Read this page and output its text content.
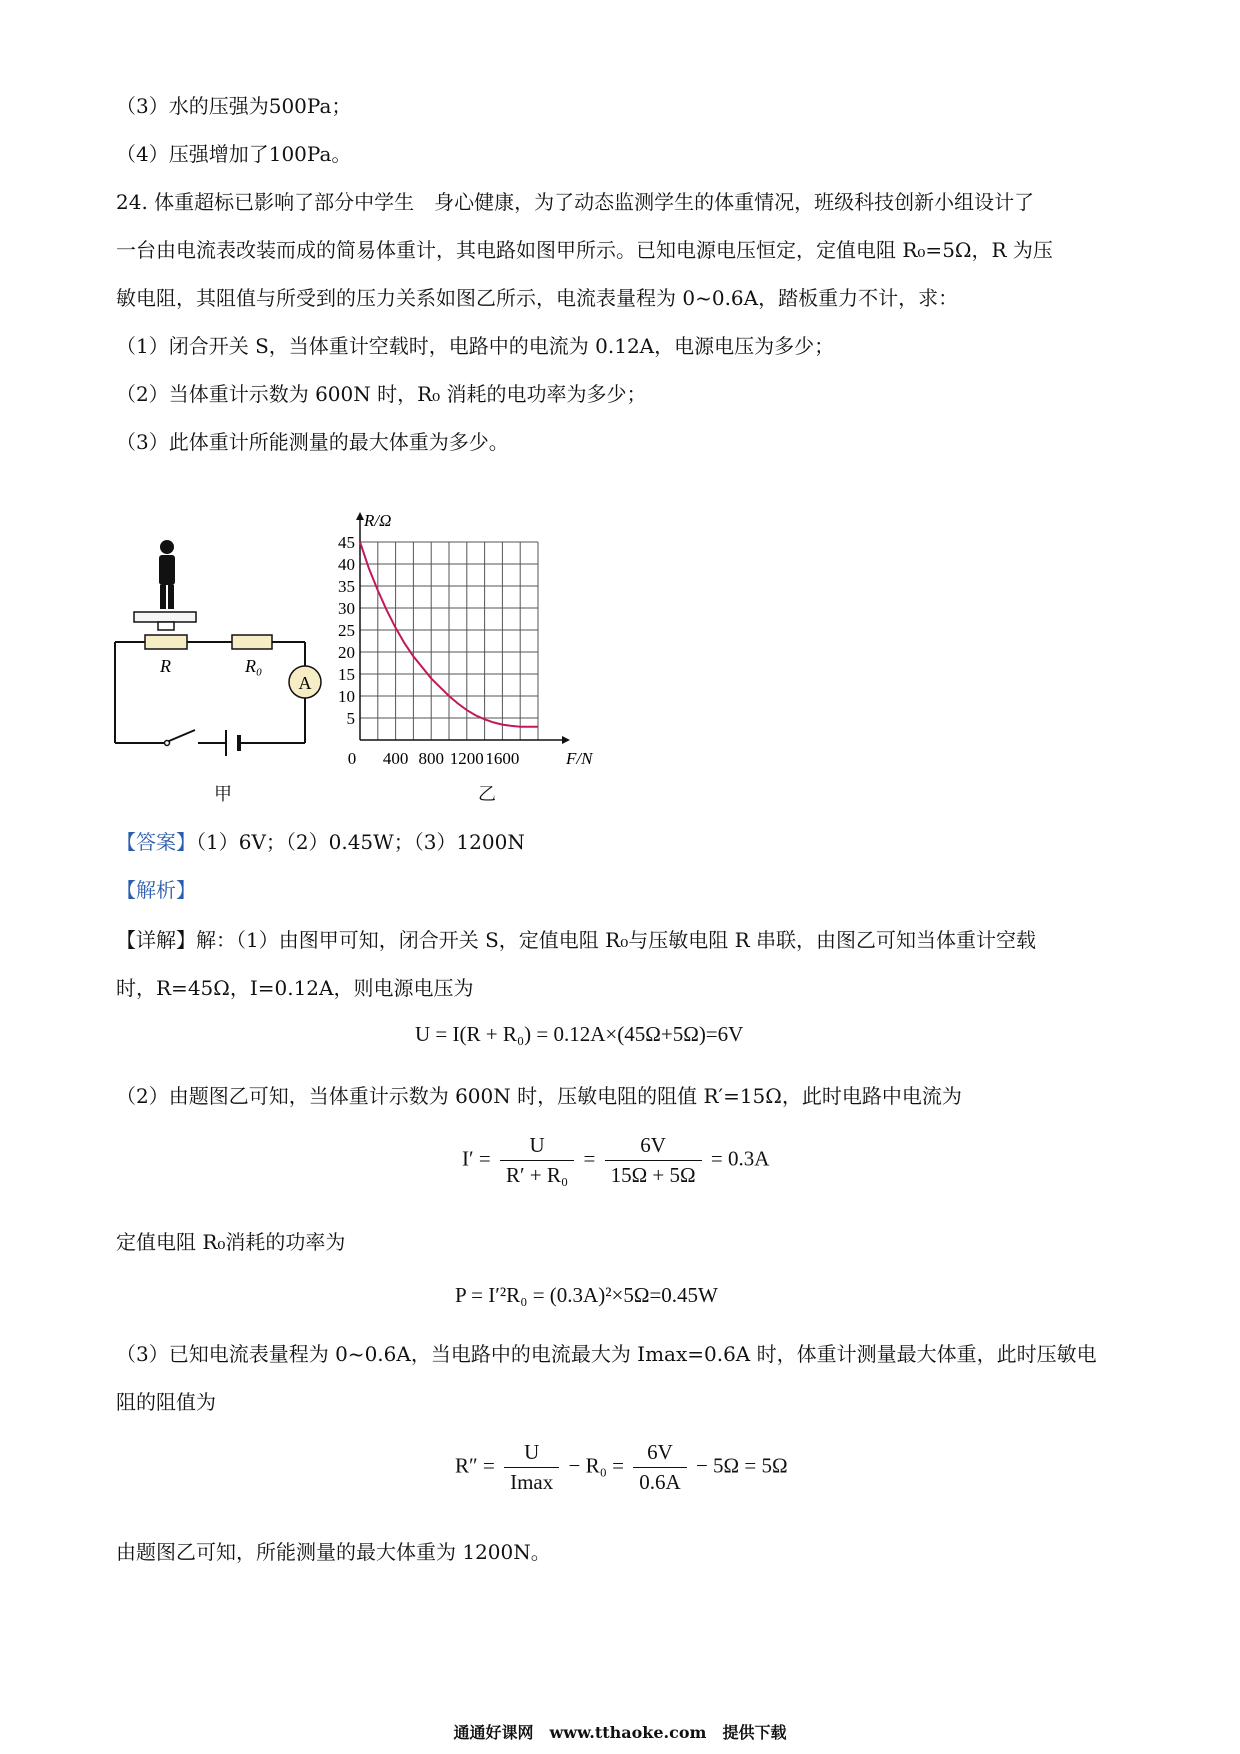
（3）水的压强为500Pa；
（4）压强增加了100Pa。
24. 体重超标已影响了部分中学生　身心健康，为了动态监测学生的体重情况，班级科技创新小组设计了
一台由电流表改装而成的简易体重计，其电路如图甲所示。已知电源电压恒定，定值电阻 R₀=5Ω，R 为压
敏电阻，其阻值与所受到的压力关系如图乙所示，电流表量程为 0~0.6A，踏板重力不计，求：
（1）闭合开关 S，当体重计空载时，电路中的电流为 0.12A，电源电压为多少；
（2）当体重计示数为 600N 时，R₀ 消耗的电功率为多少；
（3）此体重计所能测量的最大体重为多少。
A
R	R₀
甲
5
10
15
20
25
30
35
40
45
0 400 800 1200 1600
R/Ω
F/N
乙
【答案】（1）6V；（2）0.45W；（3）1200N
【解析】
【详解】解：（1）由图甲可知，闭合开关 S，定值电阻 R₀与压敏电阻 R 串联，由图乙可知当体重计空载
时，R=45Ω，I=0.12A，则电源电压为
U = I(R + R₀) = 0.12A×(45Ω+5Ω)=6V
（2）由题图乙可知，当体重计示数为 600N 时，压敏电阻的阻值 R′=15Ω，此时电路中电流为
$I' = \frac{U}{\text{R′ + R₀}} = \frac{6V}{15\Omega + 5\Omega} = 0.3A$
定值电阻 R₀消耗的功率为
P = I′²R₀ = (0.3A)²×5Ω=0.45W
（3）已知电流表量程为 0~0.6A，当电路中的电流最大为 Imax=0.6A 时，体重计测量最大体重，此时压敏电
阻的阻值为
$R'' = \frac{U}{Imax} - R_0 = \frac{6V}{0.6A} - 5\Omega = 5\Omega$
由题图乙可知，所能测量的最大体重为 1200N。
通通好课网　www.tthaoke.com　提供下载
